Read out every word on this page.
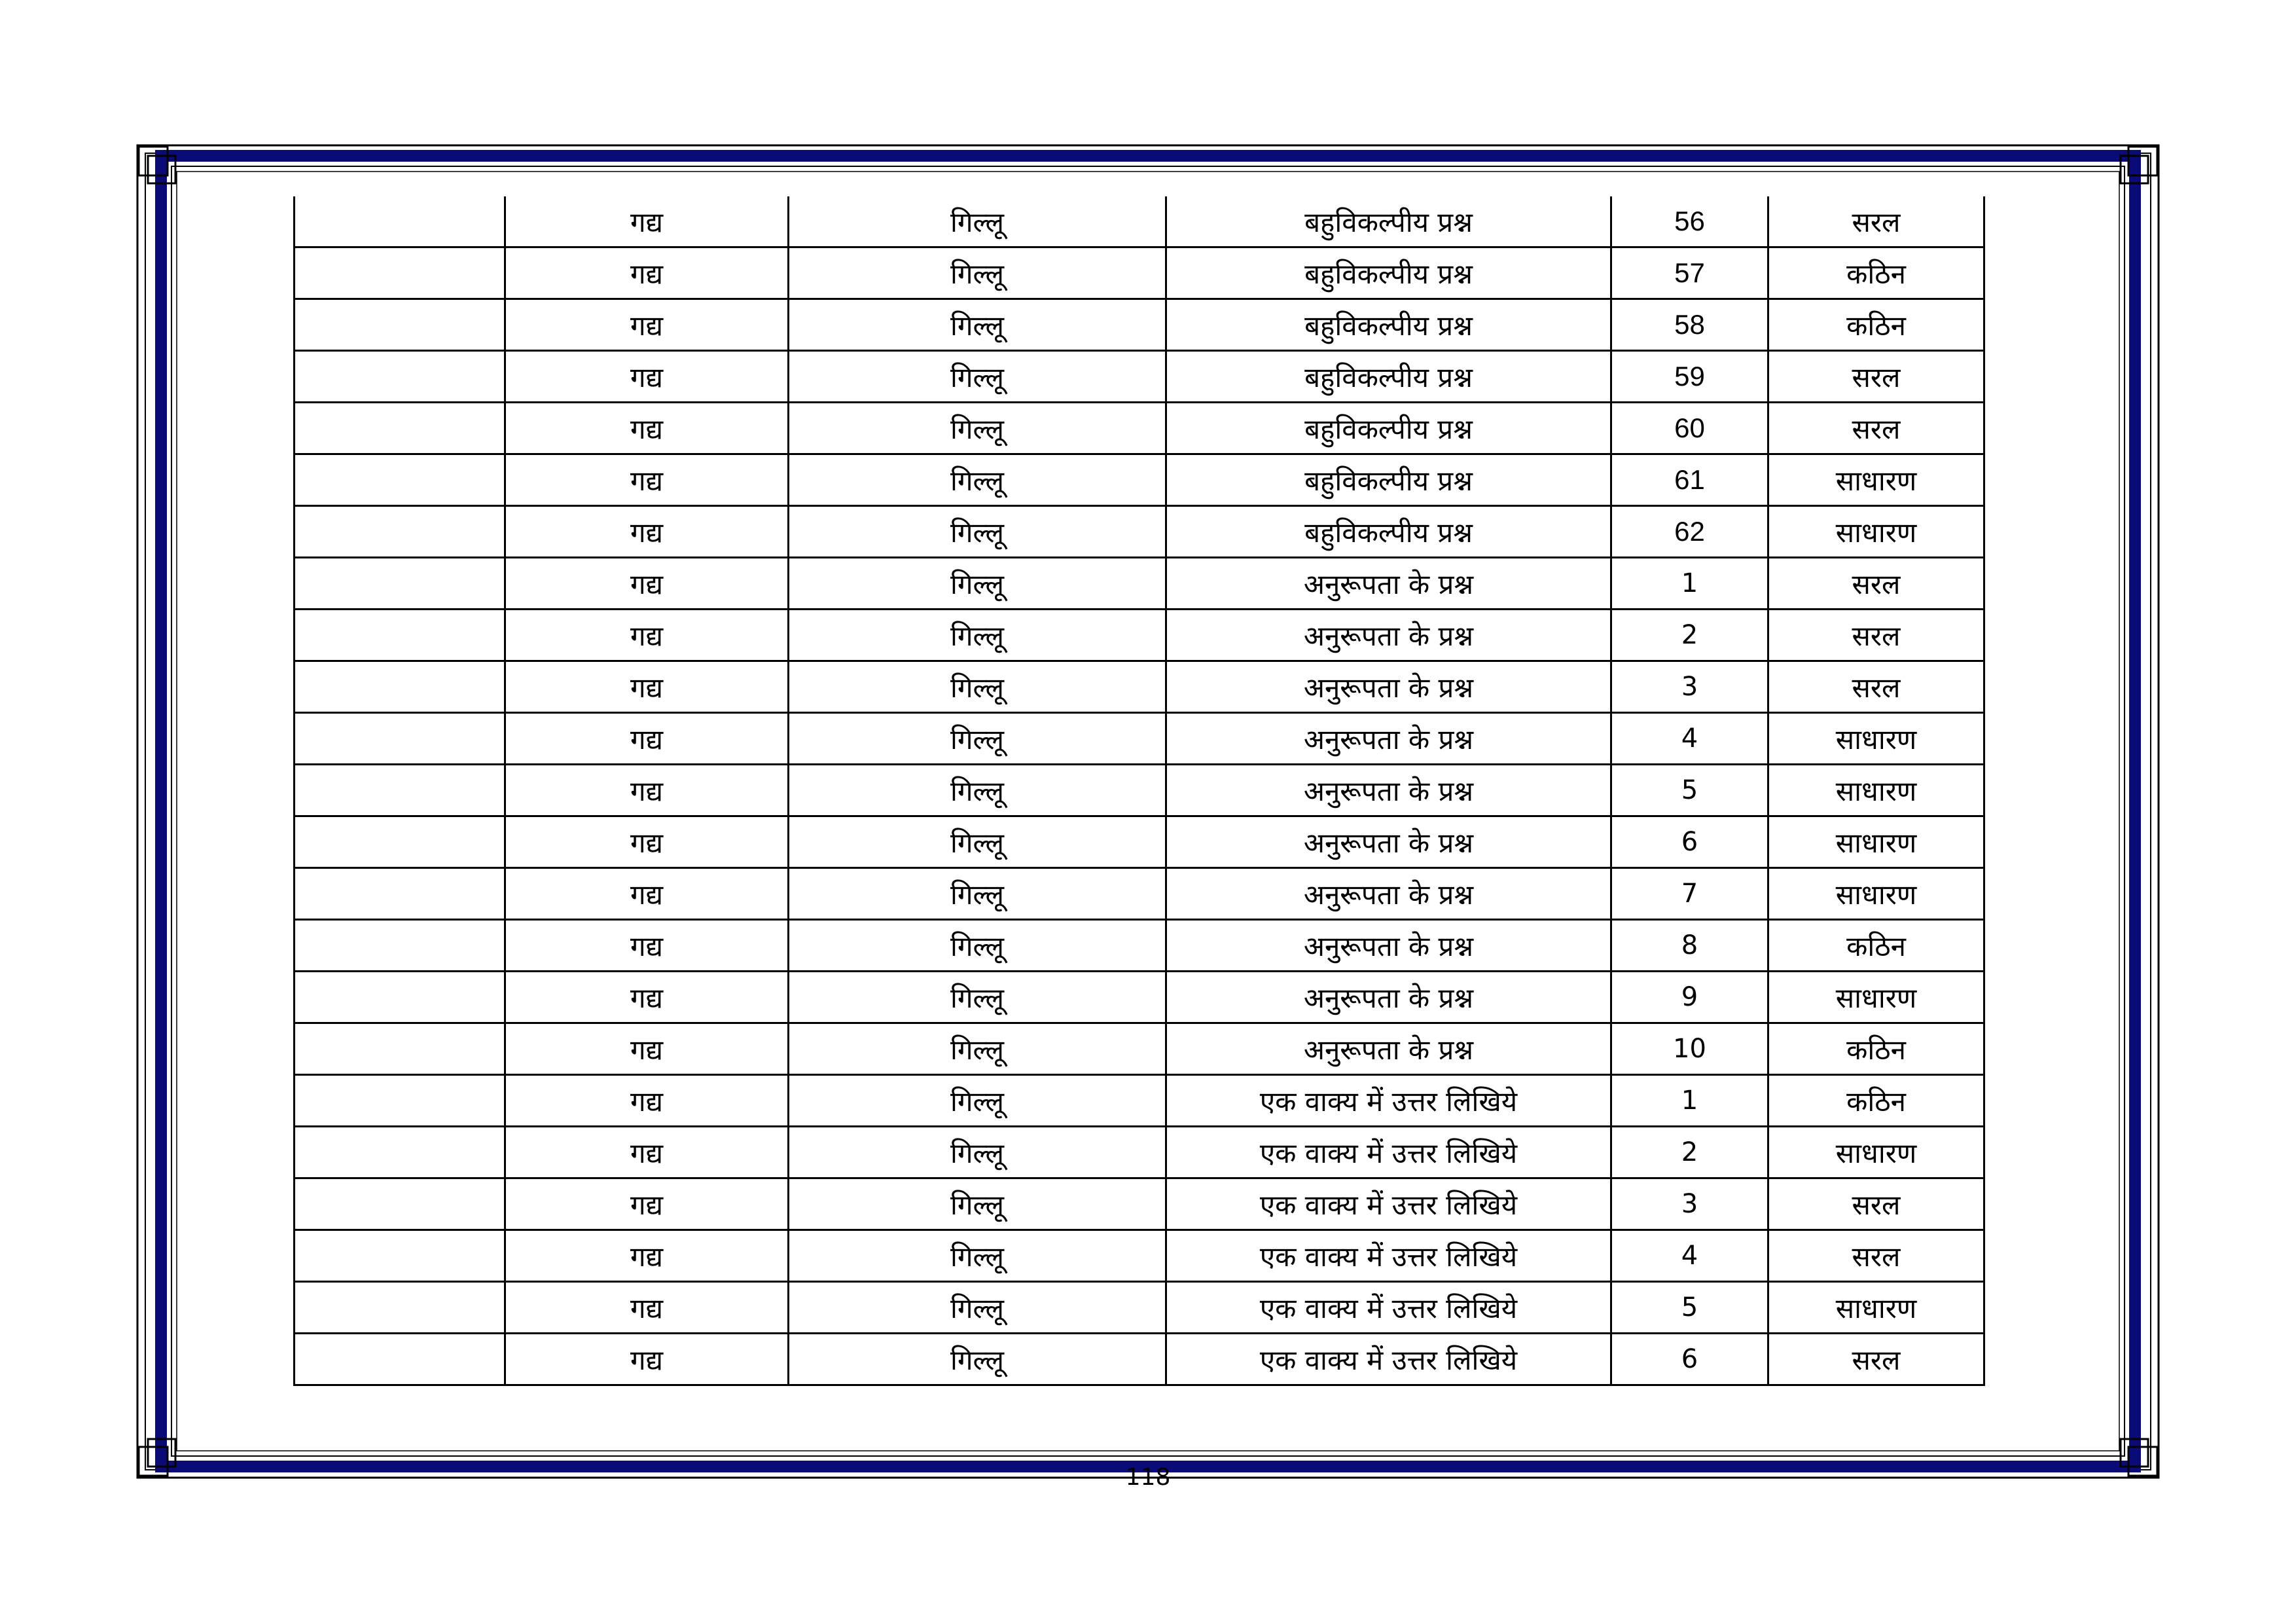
	गद्य	गिल्लू	बहुविकल्पीय प्रश्न	56	सरल
	गद्य	गिल्लू	बहुविकल्पीय प्रश्न	57	कठिन
	गद्य	गिल्लू	बहुविकल्पीय प्रश्न	58	कठिन
	गद्य	गिल्लू	बहुविकल्पीय प्रश्न	59	सरल
	गद्य	गिल्लू	बहुविकल्पीय प्रश्न	60	सरल
	गद्य	गिल्लू	बहुविकल्पीय प्रश्न	61	साधारण
	गद्य	गिल्लू	बहुविकल्पीय प्रश्न	62	साधारण
	गद्य	गिल्लू	अनुरूपता के प्रश्न	1	सरल
	गद्य	गिल्लू	अनुरूपता के प्रश्न	2	सरल
	गद्य	गिल्लू	अनुरूपता के प्रश्न	3	सरल
	गद्य	गिल्लू	अनुरूपता के प्रश्न	4	साधारण
	गद्य	गिल्लू	अनुरूपता के प्रश्न	5	साधारण
	गद्य	गिल्लू	अनुरूपता के प्रश्न	6	साधारण
	गद्य	गिल्लू	अनुरूपता के प्रश्न	7	साधारण
	गद्य	गिल्लू	अनुरूपता के प्रश्न	8	कठिन
	गद्य	गिल्लू	अनुरूपता के प्रश्न	9	साधारण
	गद्य	गिल्लू	अनुरूपता के प्रश्न	10	कठिन
	गद्य	गिल्लू	एक वाक्य में उत्तर लिखिये	1	कठिन
	गद्य	गिल्लू	एक वाक्य में उत्तर लिखिये	2	साधारण
	गद्य	गिल्लू	एक वाक्य में उत्तर लिखिये	3	सरल
	गद्य	गिल्लू	एक वाक्य में उत्तर लिखिये	4	सरल
	गद्य	गिल्लू	एक वाक्य में उत्तर लिखिये	5	साधारण
	गद्य	गिल्लू	एक वाक्य में उत्तर लिखिये	6	सरल
118
